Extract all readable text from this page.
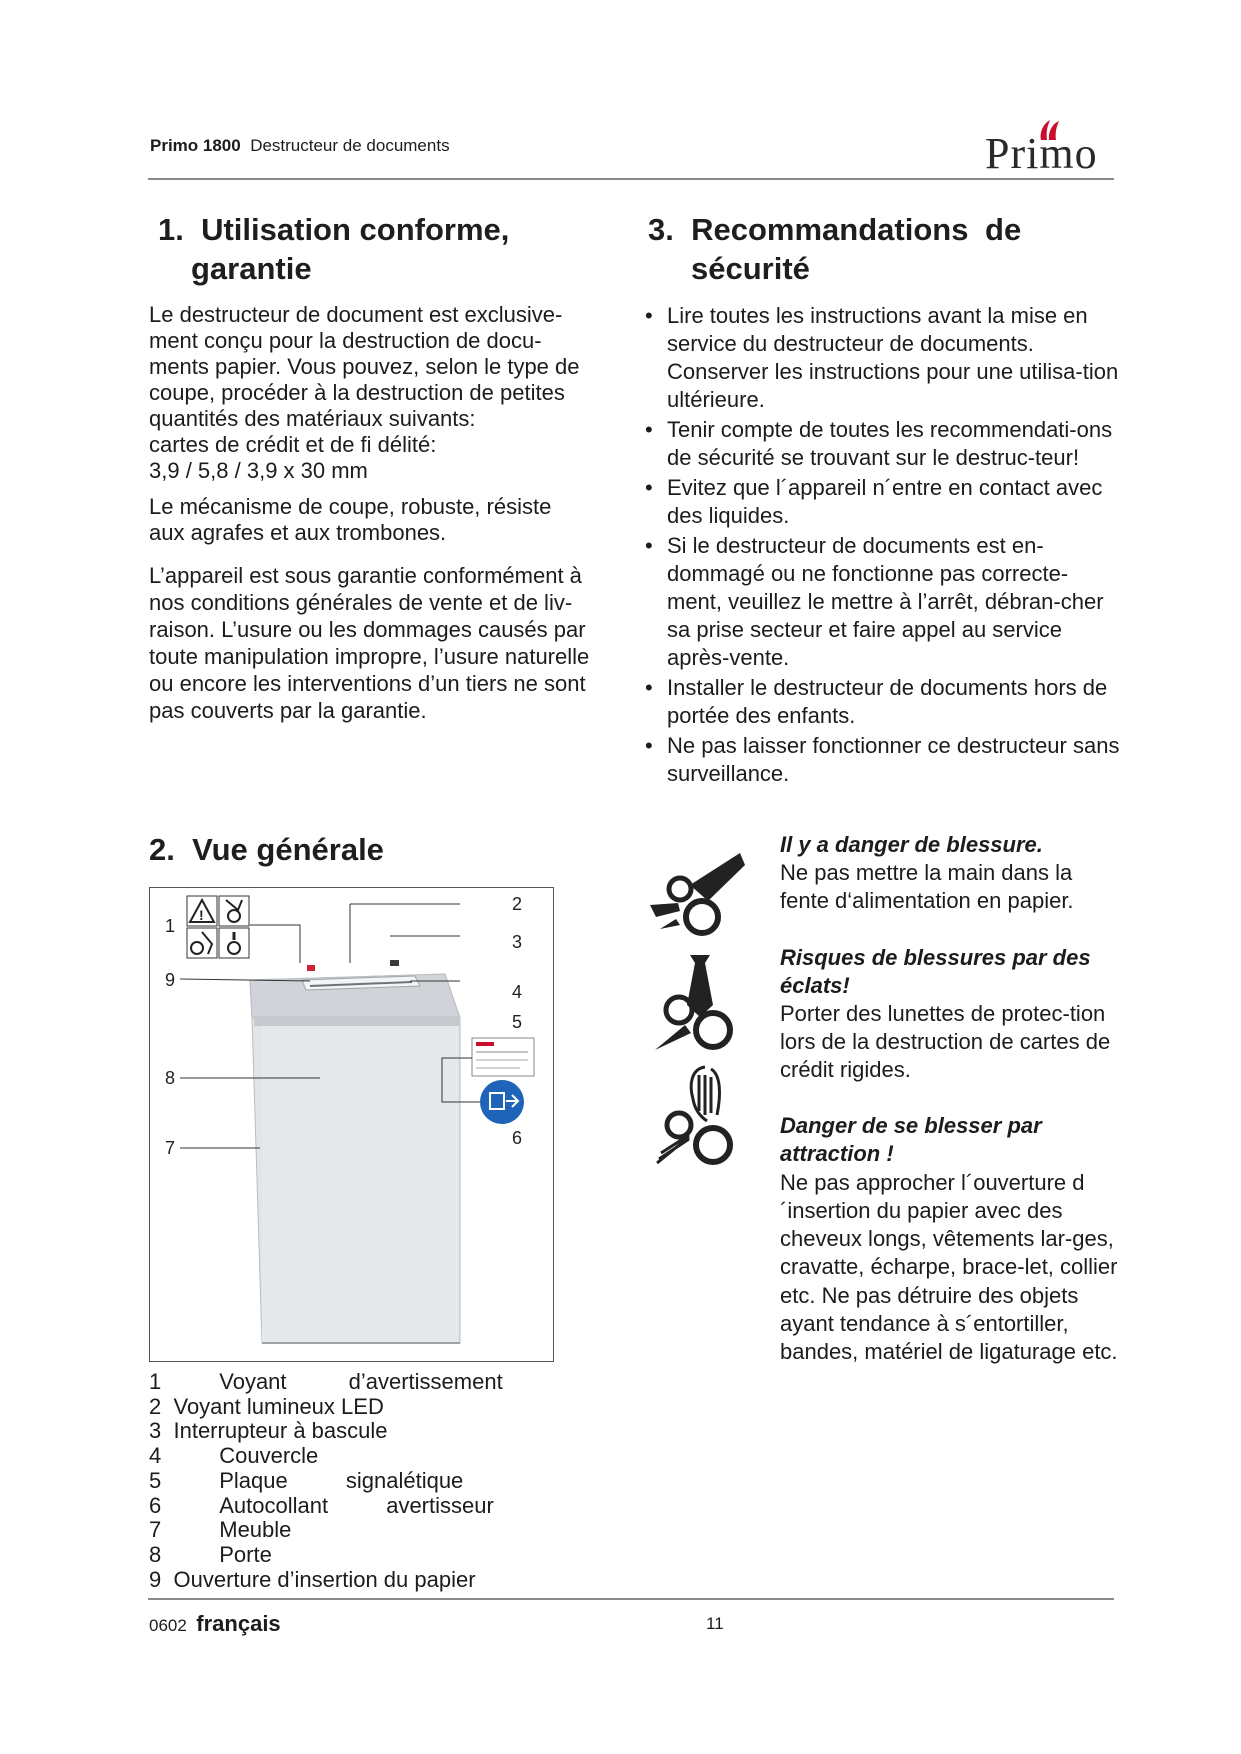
Primo 1800 Destructeur de documents	Primo
1. Utilisation conforme,
garantie

Le destructeur de document est exclusive-

ment conçu pour la destruction de docu-

ments papier. Vous pouvez, selon le type de

coupe, procéder à la destruction de petites

quantités des matériaux suivants:

cartes de crédit et de fi délité:

3,9 / 5,8 / 3,9 x 30 mm

Le mécanisme de coupe, robuste, résiste

aux agrafes et aux trombones.

L’appareil est sous garantie conformément à

nos conditions générales de vente et de liv-

raison. L’usure ou les dommages causés par

toute manipulation impropre, l’usure naturelle

ou encore les interventions d’un tiers ne sont

pas couverts par la garantie.

2. Vue générale
!
1
2
3
4
5
6
7
8
9
1	Voyant d’avertissement
2 Voyant lumineux LED
3 Interrupteur à bascule
4	Couvercle
5	Plaque signalétique
6	Autocollant avertisseur
7	Meuble
8	Porte
9 Ouverture d’insertion du papier
3. Recommandations de
sécurité
• Lire toutes les instructions avant la mise en service du destructeur de documents. Conserver les instructions pour une utilisa-tion ultérieure.
• Tenir compte de toutes les recommendati-ons de sécurité se trouvant sur le destruc-teur!
• Evitez que l´appareil n´entre en contact avec des liquides.
• Si le destructeur de documents est en-dommagé ou ne fonctionne pas correcte-ment, veuillez le mettre à l’arrêt, débran-cher sa prise secteur et faire appel au service après-vente.
• Installer le destructeur de documents hors de portée des enfants.
• Ne pas laisser fonctionner ce destructeur sans surveillance.
Il y a danger de blessure.
Ne pas mettre la main dans la fente d‘alimentation en papier.
Risques de blessures par des éclats!
Porter des lunettes de protec-tion lors de la destruction de cartes de crédit rigides.
Danger de se blesser par attraction !
Ne pas approcher l´ouverture d´insertion du papier avec des cheveux longs, vêtements lar-ges, cravatte, écharpe, brace-let, collier etc. Ne pas détruire des objets ayant tendance à s´entortiller, bandes, matériel de ligaturage etc.
0602 français	11
